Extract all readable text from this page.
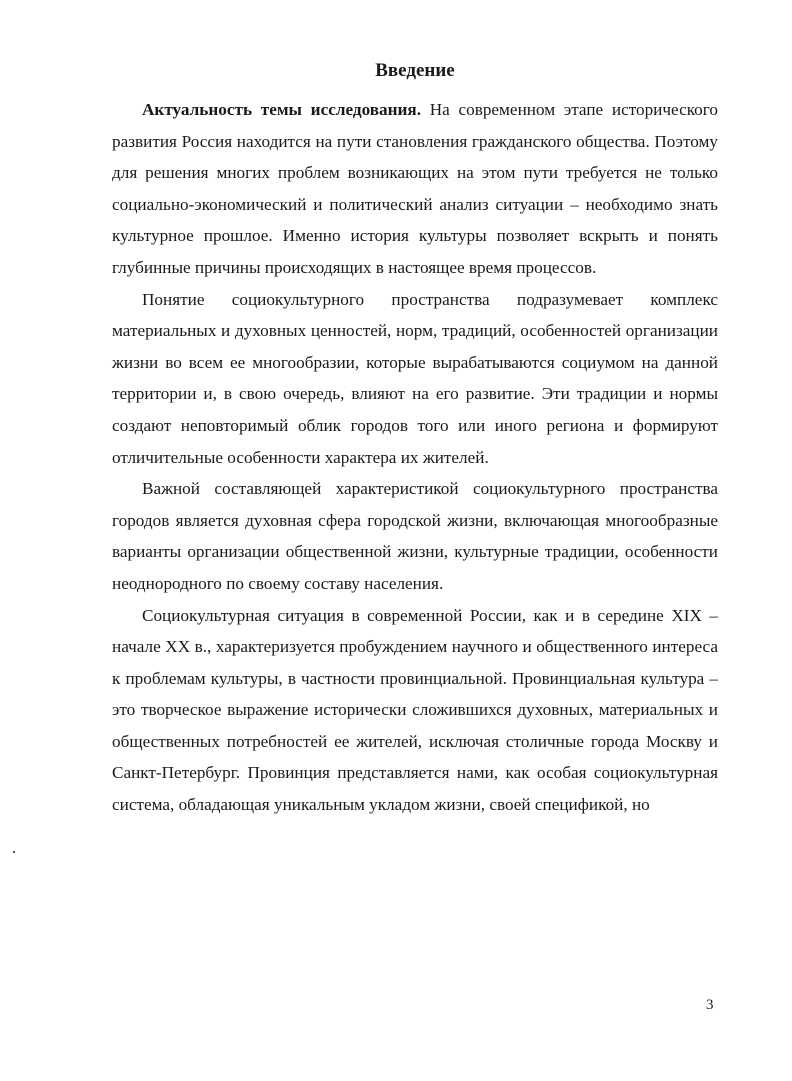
Введение

Актуальность темы исследования. На современном этапе исторического развития Россия находится на пути становления гражданского общества. Поэтому для решения многих проблем возникающих на этом пути требуется не только социально-экономический и политический анализ ситуации – необходимо знать культурное прошлое. Именно история культуры позволяет вскрыть и понять глубинные причины происходящих в настоящее время процессов.

Понятие социокультурного пространства подразумевает комплекс материальных и духовных ценностей, норм, традиций, особенностей организации жизни во всем ее многообразии, которые вырабатываются социумом на данной территории и, в свою очередь, влияют на его развитие. Эти традиции и нормы создают неповторимый облик городов того или иного региона и формируют отличительные особенности характера их жителей.

Важной составляющей характеристикой социокультурного пространства городов является духовная сфера городской жизни, включающая многообразные варианты организации общественной жизни, культурные традиции, особенности неоднородного по своему составу населения.

Социокультурная ситуация в современной России, как и в середине XIX – начале XX в., характеризуется пробуждением научного и общественного интереса к проблемам культуры, в частности провинциальной. Провинциальная культура – это творческое выражение исторически сложившихся духовных, материальных и общественных потребностей ее жителей, исключая столичные города Москву и Санкт-Петербург. Провинция представляется нами, как особая социокультурная система, обладающая уникальным укладом жизни, своей спецификой, но

3
